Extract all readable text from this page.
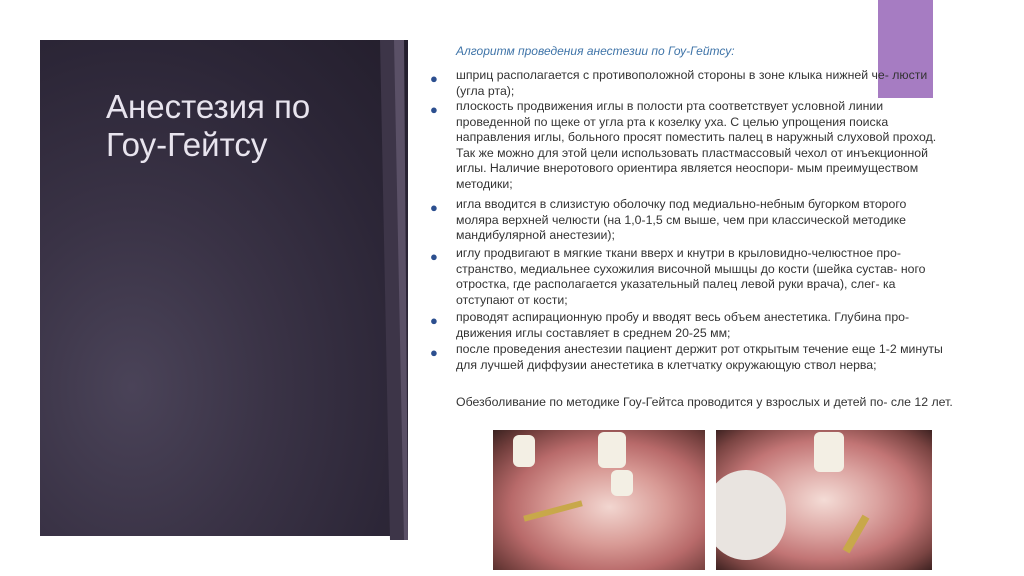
Анестезия по Гоу-Гейтсу
Алгоритм проведения анестезии по Гоу-Гейтсу:
● шприц располагается с противоположной стороны в зоне клыка нижней че- люсти (угла рта);
● плоскость продвижения иглы в полости рта соответствует условной линии проведенной по щеке от угла рта к козелку уха. С целью упрощения поиска направления иглы, больного просят поместить палец в наружный слуховой проход. Так же можно для этой цели использовать пластмассовый чехол от инъекционной иглы. Наличие внеротового ориентира является неоспори- мым преимуществом методики;
● игла вводится в слизистую оболочку под медиально-небным бугорком второго моляра верхней челюсти (на 1,0-1,5 см выше, чем при классической методике мандибулярной анестезии);
● иглу продвигают в мягкие ткани вверх и кнутри в крыловидно-челюстное про- странство, медиальнее сухожилия височной мышцы до кости (шейка сустав- ного отростка, где располагается указательный палец левой руки врача), слег- ка отступают от кости;
● проводят аспирационную пробу и вводят весь объем анестетика. Глубина про- движения иглы составляет в среднем 20-25 мм;
● после проведения анестезии пациент держит рот открытым течение еще 1-2 минуты для лучшей диффузии анестетика в клетчатку окружающую ствол нерва;
Обезболивание по методике Гоу-Гейтса проводится у взрослых и детей по- сле 12 лет.
